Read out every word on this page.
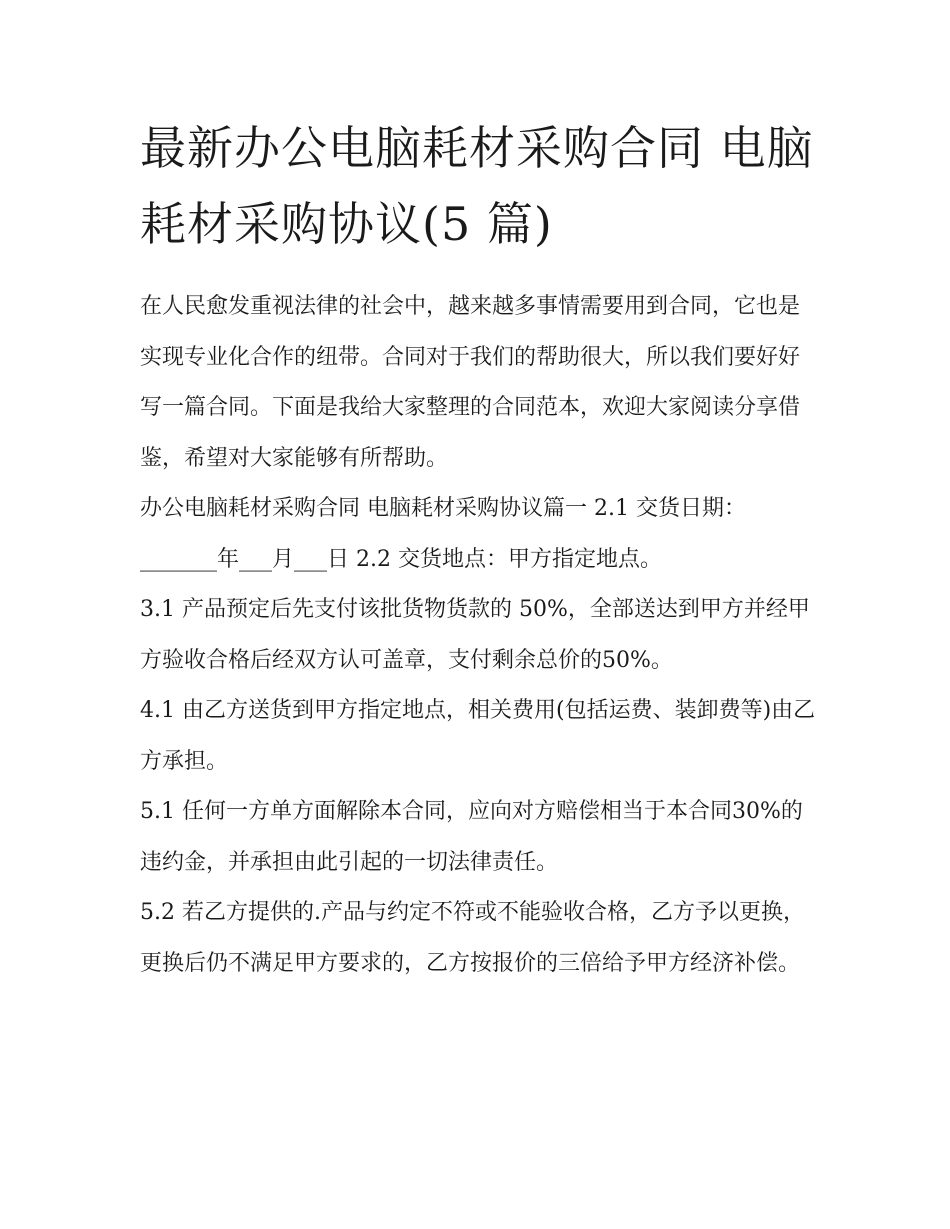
最新办公电脑耗材采购合同 电脑耗材采购协议(5 篇)

在人民愈发重视法律的社会中，越来越多事情需要用到合同，它也是实现专业化合作的纽带。合同对于我们的帮助很大，所以我们要好好写一篇合同。下面是我给大家整理的合同范本，欢迎大家阅读分享借鉴，希望对大家能够有所帮助。

办公电脑耗材采购合同 电脑耗材采购协议篇一 2.1 交货日期：_______年___月___日 2.2 交货地点：甲方指定地点。

3.1 产品预定后先支付该批货物货款的 50%，全部送达到甲方并经甲方验收合格后经双方认可盖章，支付剩余总价的50%。

4.1 由乙方送货到甲方指定地点，相关费用(包括运费、装卸费等)由乙方承担。

5.1 任何一方单方面解除本合同，应向对方赔偿相当于本合同30%的违约金，并承担由此引起的一切法律责任。

5.2 若乙方提供的.产品与约定不符或不能验收合格，乙方予以更换，更换后仍不满足甲方要求的，乙方按报价的三倍给予甲方经济补偿。
